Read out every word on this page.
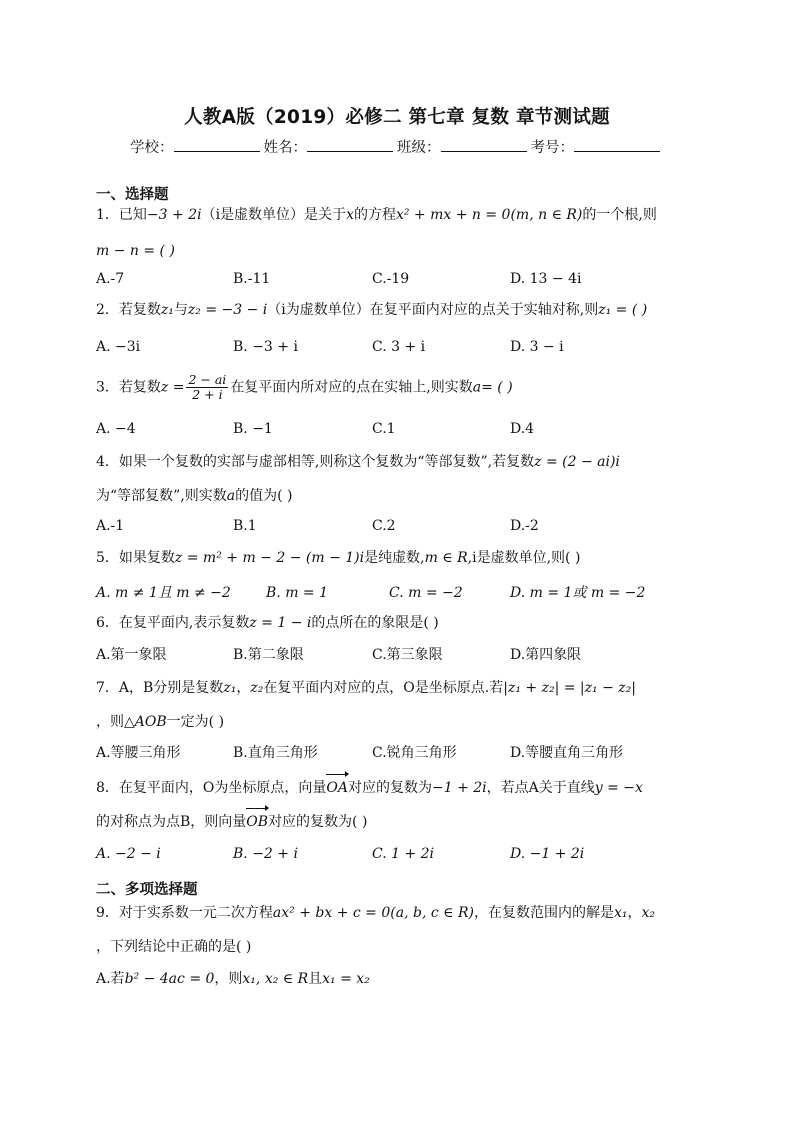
人教A版（2019）必修二 第七章 复数 章节测试题
学校：	姓名：	班级：	考号：
一、选择题
1．已知−3 + 2i（i是虚数单位）是关于x的方程x² + mx + n = 0(m, n ∈ R)的一个根,则
m − n = ( )
A.-7	B.-11	C.-19	D. 13 − 4i
2．若复数z₁与z₂ = −3 − i（i为虚数单位）在复平面内对应的点关于实轴对称,则z₁ = ( )
A. −3i	B. −3 + i	C. 3 + i	D. 3 − i
3．若复数$z = \frac{2 - ai}{2 + i}$ 在复平面内所对应的点在实轴上,则实数a= ( )
A. −4	B. −1	C.1	D.4
4．如果一个复数的实部与虚部相等,则称这个复数为“等部复数”,若复数z = (2 − ai)i
为“等部复数”,则实数a的值为( )
A.-1	B.1	C.2	D.-2
5．如果复数z = m² + m − 2 − (m − 1)i是纯虚数,m ∈ R,i是虚数单位,则( )
A. m ≠ 1且 m ≠ −2	B. m = 1	C. m = −2	D. m = 1或 m = −2
6．在复平面内,表示复数z = 1 − i的点所在的象限是( )
A.第一象限	B.第二象限	C.第三象限	D.第四象限
7．A，B分别是复数z₁，z₂在复平面内对应的点，O是坐标原点.若|z₁ + z₂| = |z₁ − z₂|
，则△AOB一定为( )
A.等腰三角形	B.直角三角形	C.锐角三角形	D.等腰直角三角形
8．在复平面内，O为坐标原点，向量OA对应的复数为−1 + 2i，若点A关于直线y = −x
的对称点为点B，则向量OB对应的复数为( )
A. −2 − i	B. −2 + i	C. 1 + 2i	D. −1 + 2i
二、多项选择题
9．对于实系数一元二次方程ax² + bx + c = 0(a, b, c ∈ R)，在复数范围内的解是x₁，x₂
，下列结论中正确的是( )
A.若b² − 4ac = 0，则x₁, x₂ ∈ R且x₁ = x₂
